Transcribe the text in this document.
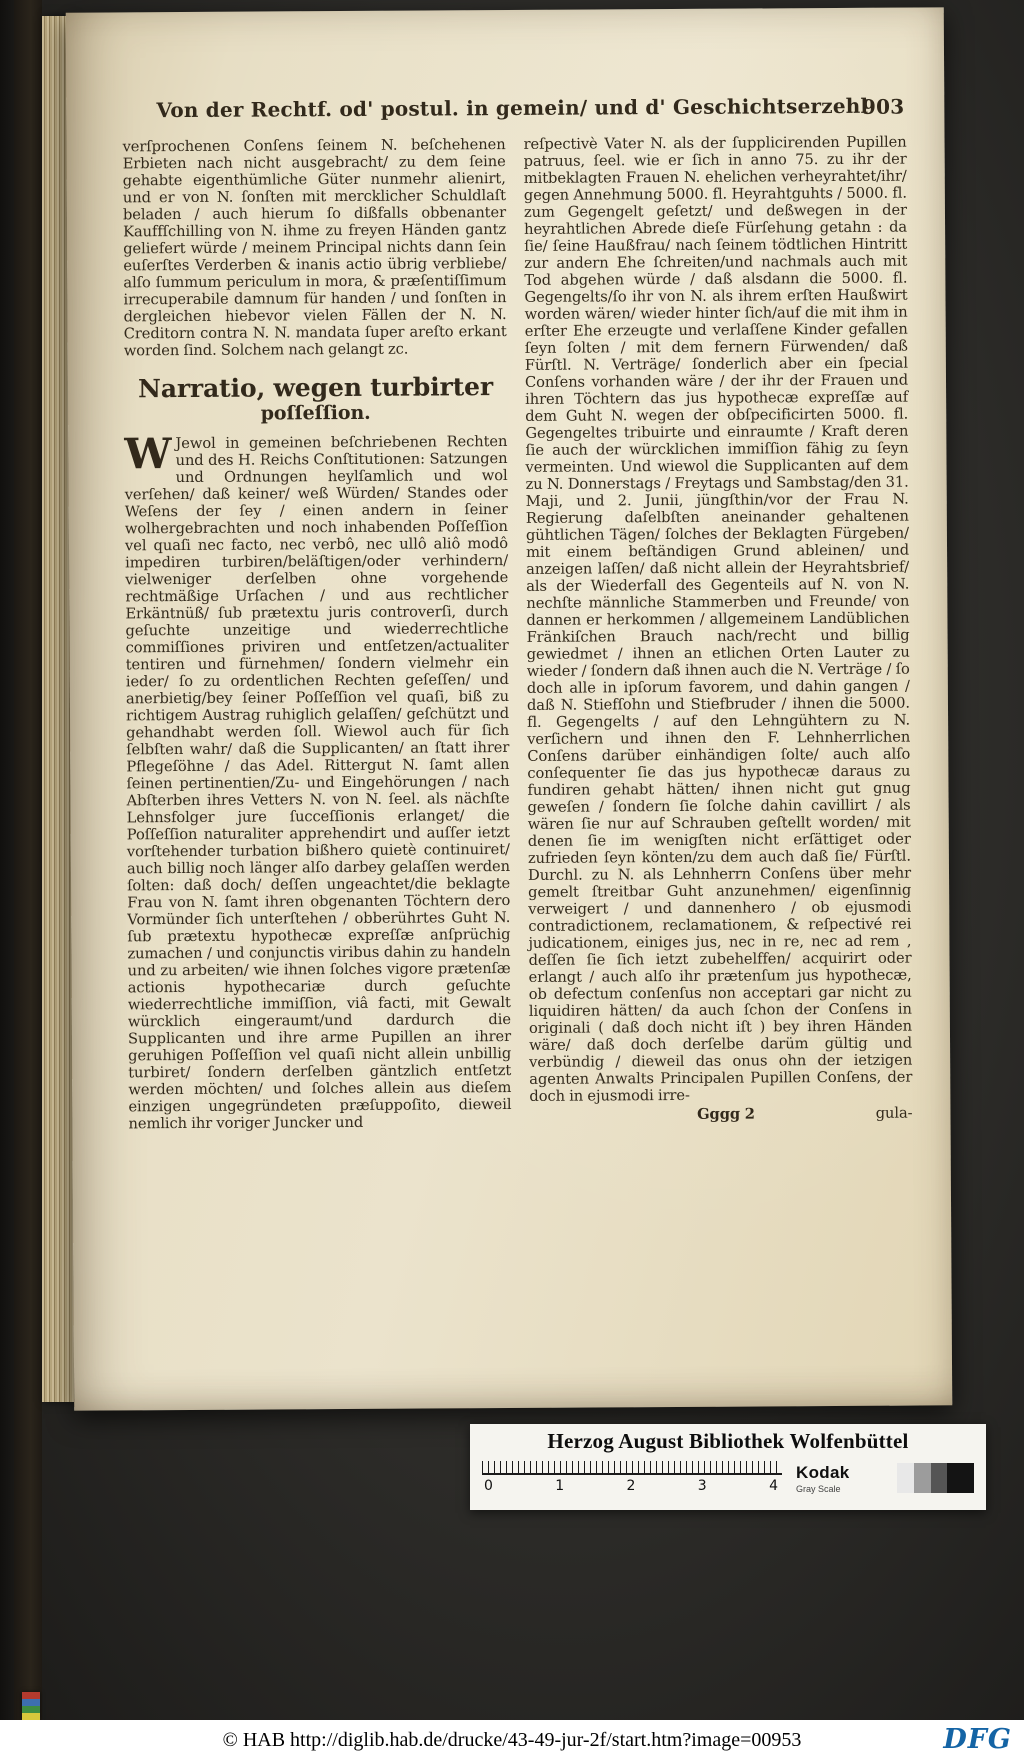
Von der Rechtf. od' postul. in gemein/ und d' Geschichtserzehl
903

verſprochenen Conſens ſeinem N. beſchehenen Erbieten nach nicht ausgebracht/ zu dem ſeine gehabte eigenthümliche Güter nunmehr alienirt, und er von N. ſonſten mit mercklicher Schuldlaſt beladen / auch hierum ſo dißfalls obbenanter Kauffſchilling von N. ihme zu freyen Händen gantz geliefert würde / meinem Principal nichts dann ſein euſerſtes Verderben & inanis actio übrig verbliebe/ alſo ſummum periculum in mora, & præſentiſſimum irrecuperabile damnum für handen / und ſonſten in dergleichen hiebevor vielen Fällen der N. N. Creditorn contra N. N. mandata ſuper areſto erkant worden ſind. Solchem nach gelangt zc.

Narratio, wegen turbirter
poſſeſſion.

W Jewol in gemeinen beſchriebenen Rechten und des H. Reichs Conſtitutionen: Satzungen und Ordnungen heylſamlich und wol verſehen/ daß keiner/ weß Würden/ Standes oder Weſens der ſey / einen andern in ſeiner wolhergebrachten und noch inhabenden Poſſeſſion vel quaſi nec facto, nec verbô, nec ullô aliô modô impediren turbiren/beläſtigen/oder verhindern/ vielweniger derſelben ohne vorgehende rechtmäßige Urſachen / und aus rechtlicher Erkäntnüß/ ſub prætextu juris controverſi, durch geſuchte unzeitige und wiederrechtliche commiſſiones priviren und entſetzen/actualiter tentiren und fürnehmen/ ſondern vielmehr ein ieder/ ſo zu ordentlichen Rechten geſeſſen/ und anerbietig/bey ſeiner Poſſeſſion vel quaſi, biß zu richtigem Austrag ruhiglich gelaſſen/ geſchützt und gehandhabt werden ſoll. Wiewol auch für ſich ſelbſten wahr/ daß die Supplicanten/ an ſtatt ihrer Pflegeſöhne / das Adel. Rittergut N. ſamt allen ſeinen pertinentien/Zu- und Eingehörungen / nach Abſterben ihres Vetters N. von N. ſeel. als nächſte Lehnsfolger jure ſucceſſionis erlanget/ die Poſſeſſion naturaliter apprehendirt und auſſer ietzt vorſtehender turbation bißhero quietè continuiret/ auch billig noch länger alſo darbey gelaſſen werden ſolten: daß doch/ deſſen ungeachtet/die beklagte Frau von N. ſamt ihren obgenanten Töchtern dero Vormünder ſich unterſtehen / obberührtes Guht N. ſub prætextu hypothecæ expreſſæ anſprüchig zumachen / und conjunctis viribus dahin zu handeln und zu arbeiten/ wie ihnen ſolches vigore prætenſæ actionis hypothecariæ durch geſuchte wiederrechtliche immiſſion, viâ facti, mit Gewalt würcklich eingeraumt/und dardurch die Supplicanten und ihre arme Pupillen an ihrer geruhigen Poſſeſſion vel quaſi nicht allein unbillig turbiret/ ſondern derſelben gäntzlich entſetzt werden möchten/ und ſolches allein aus dieſem einzigen ungegründeten præſuppoſito, dieweil nemlich ihr voriger Juncker und

reſpectivè Vater N. als der ſupplicirenden Pupillen patruus, ſeel. wie er ſich in anno 75. zu ihr der mitbeklagten Frauen N. ehelichen verheyrahtet/ihr/ gegen Annehmung 5000. fl. Heyrahtguhts / 5000. fl. zum Gegengelt geſetzt/ und deßwegen in der heyrahtlichen Abrede dieſe Fürſehung getahn : da ſie/ ſeine Haußfrau/ nach ſeinem tödtlichen Hintritt zur andern Ehe ſchreiten/und nachmals auch mit Tod abgehen würde / daß alsdann die 5000. fl. Gegengelts/ſo ihr von N. als ihrem erſten Haußwirt worden wären/ wieder hinter ſich/auf die mit ihm in erſter Ehe erzeugte und verlaſſene Kinder gefallen ſeyn ſolten / mit dem fernern Fürwenden/ daß Fürſtl. N. Verträge/ ſonderlich aber ein ſpecial Conſens vorhanden wäre / der ihr der Frauen und ihren Töchtern das jus hypothecæ expreſſæ auf dem Guht N. wegen der obſpecificirten 5000. fl. Gegengeltes tribuirte und einraumte / Kraft deren ſie auch der würcklichen immiſſion fähig zu ſeyn vermeinten. Und wiewol die Supplicanten auf dem zu N. Donnerstags / Freytags und Sambstag/den 31. Maji, und 2. Junii, jüngſthin/vor der Frau N. Regierung daſelbſten aneinander gehaltenen gühtlichen Tägen/ ſolches der Beklagten Fürgeben/ mit einem beſtändigen Grund ableinen/ und anzeigen laſſen/ daß nicht allein der Heyrahtsbrief/ als der Wiederfall des Gegenteils auf N. von N. nechſte männliche Stammerben und Freunde/ von dannen er herkommen / allgemeinem Landüblichen Fränkiſchen Brauch nach/recht und billig gewiedmet / ihnen an etlichen Orten Lauter zu wieder / ſondern daß ihnen auch die N. Verträge / ſo doch alle in ipſorum favorem, und dahin gangen / daß N. Stiefſohn und Stiefbruder / ihnen die 5000. fl. Gegengelts / auf den Lehngühtern zu N. verſichern und ihnen den F. Lehnherrlichen Conſens darüber einhändigen ſolte/ auch alſo conſequenter ſie das jus hypothecæ daraus zu fundiren gehabt hätten/ ihnen nicht gut gnug geweſen / ſondern ſie ſolche dahin cavillirt / als wären ſie nur auf Schrauben geſtellt worden/ mit denen ſie im wenigſten nicht erſättiget oder zufrieden ſeyn könten/zu dem auch daß ſie/ Fürſtl. Durchl. zu N. als Lehnherrn Conſens über mehr gemelt ſtreitbar Guht anzunehmen/ eigenſinnig verweigert / und dannenhero / ob ejusmodi contradictionem, reclamationem, & reſpectivé rei judicationem, einiges jus, nec in re, nec ad rem , deſſen ſie ſich ietzt zubehelffen/ acquirirt oder erlangt / auch alſo ihr prætenſum jus hypothecæ, ob defectum conſenſus non acceptari gar nicht zu liquidiren hätten/ da auch ſchon der Conſens in originali ( daß doch nicht iſt ) bey ihren Händen wäre/ daß doch derſelbe darüm gültig und verbündig / dieweil das onus ohn der ietzigen agenten Anwalts Principalen Pupillen Conſens, der doch in ejusmodi irre-

Gggg 2	gula-
Herzog August Bibliothek Wolfenbüttel
0	1	2	3	4
Kodak
Gray Scale
© HAB http://diglib.hab.de/drucke/43-49-jur-2f/start.htm?image=00953	DFG
